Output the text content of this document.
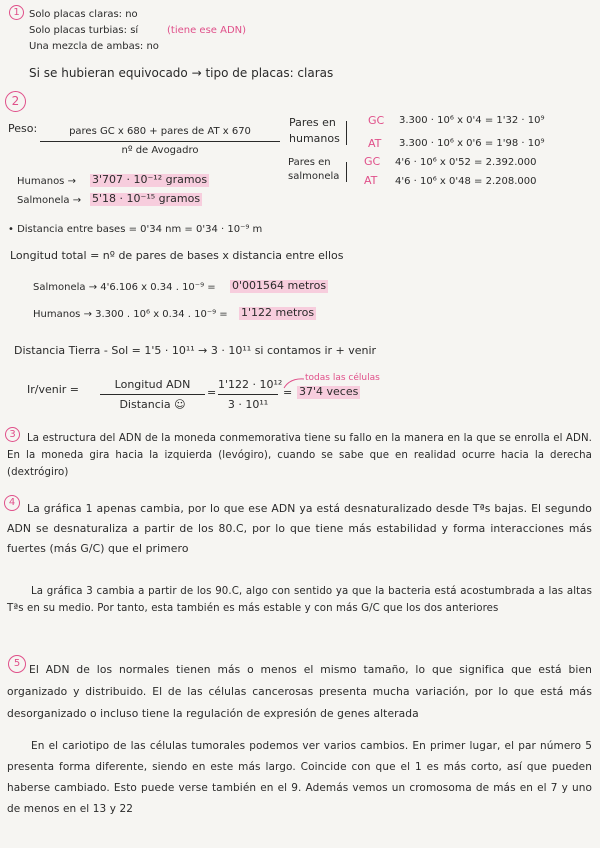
1 Solo placas claras: no
Solo placas turbias: sí	(tiene ese ADN)
Una mezcla de ambas: no
Si se hubieran equivocado → tipo de placas: claras
2
Peso:	pares GC x 680 + pares de AT x 670
nº de Avogadro
Pares en humanos
GC 3.300 · 10⁶ x 0'4 = 1'32 · 10⁹
AT 3.300 · 10⁶ x 0'6 = 1'98 · 10⁹
Pares en salmonela
GC 4'6 · 10⁶ x 0'52 = 2.392.000
AT 4'6 · 10⁶ x 0'48 = 2.208.000
Humanos → 3'707 · 10⁻¹² gramos
Salmonela → 5'18 · 10⁻¹⁵ gramos
• Distancia entre bases = 0'34 nm = 0'34 · 10⁻⁹ m
Longitud total = nº de pares de bases x distancia entre ellos
Salmonela → 4'6.106 x 0.34 . 10⁻⁹ = 0'001564 metros
Humanos → 3.300 . 10⁶ x 0.34 . 10⁻⁹ = 1'122 metros
Distancia Tierra - Sol = 1'5 · 10¹¹ → 3 · 10¹¹ si contamos ir + venir
Ir/venir =	Longitud ADN
Distancia ☺
=
1'122 · 10¹²
3 · 10¹¹
= 37'4 veces
todas las células
3	La estructura del ADN de la moneda conmemorativa tiene su fallo en la manera en la que se enrolla el ADN. En la moneda gira hacia la izquierda (levógiro), cuando se sabe que en realidad ocurre hacia la derecha (dextrógiro)
4	La gráfica 1 apenas cambia, por lo que ese ADN ya está desnaturalizado desde Tªs bajas. El segundo ADN se desnaturaliza a partir de los 80.C, por lo que tiene más estabilidad y forma interacciones más fuertes (más G/C) que el primero
La gráfica 3 cambia a partir de los 90.C, algo con sentido ya que la bacteria está acostumbrada a las altas Tªs en su medio. Por tanto, esta también es más estable y con más G/C que los dos anteriores
5 El ADN de los normales tienen más o menos el mismo tamaño, lo que significa que está bien organizado y distribuido. El de las células cancerosas presenta mucha variación, por lo que está más desorganizado o incluso tiene la regulación de expresión de genes alterada
En el cariotipo de las células tumorales podemos ver varios cambios. En primer lugar, el par número 5 presenta forma diferente, siendo en este más largo. Coincide con que el 1 es más corto, así que pueden haberse cambiado. Esto puede verse también en el 9. Además vemos un cromosoma de más en el 7 y uno de menos en el 13 y 22
